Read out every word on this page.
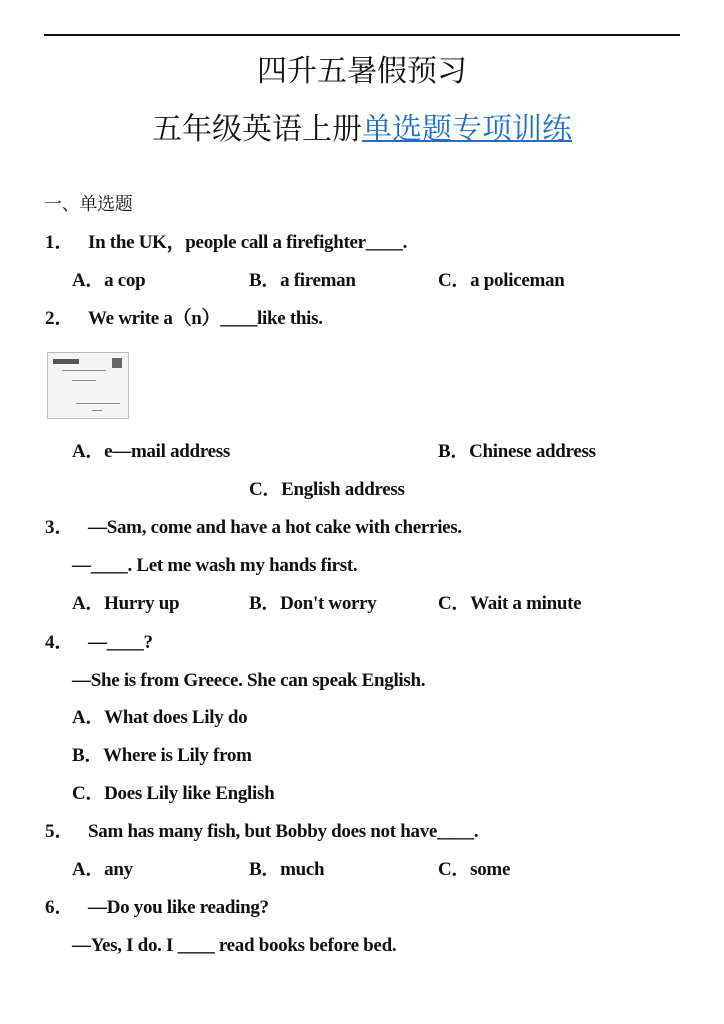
四升五暑假预习
五年级英语上册单选题专项训练
一、单选题
1． In the UK，people call a firefighter____.
A．a cop	B．a fireman	C．a policeman
2． We write a（n）____like this.
A．e—mail address	B．Chinese address
C．English address
3． —Sam, come and have a hot cake with cherries.
—____. Let me wash my hands first.
A．Hurry up	B．Don't worry	C．Wait a minute
4． —____?
—She is from Greece. She can speak English.
A．What does Lily do
B．Where is Lily from
C．Does Lily like English
5． Sam has many fish, but Bobby does not have____.
A．any	B．much	C．some
6． —Do you like reading?
—Yes, I do. I ____ read books before bed.
